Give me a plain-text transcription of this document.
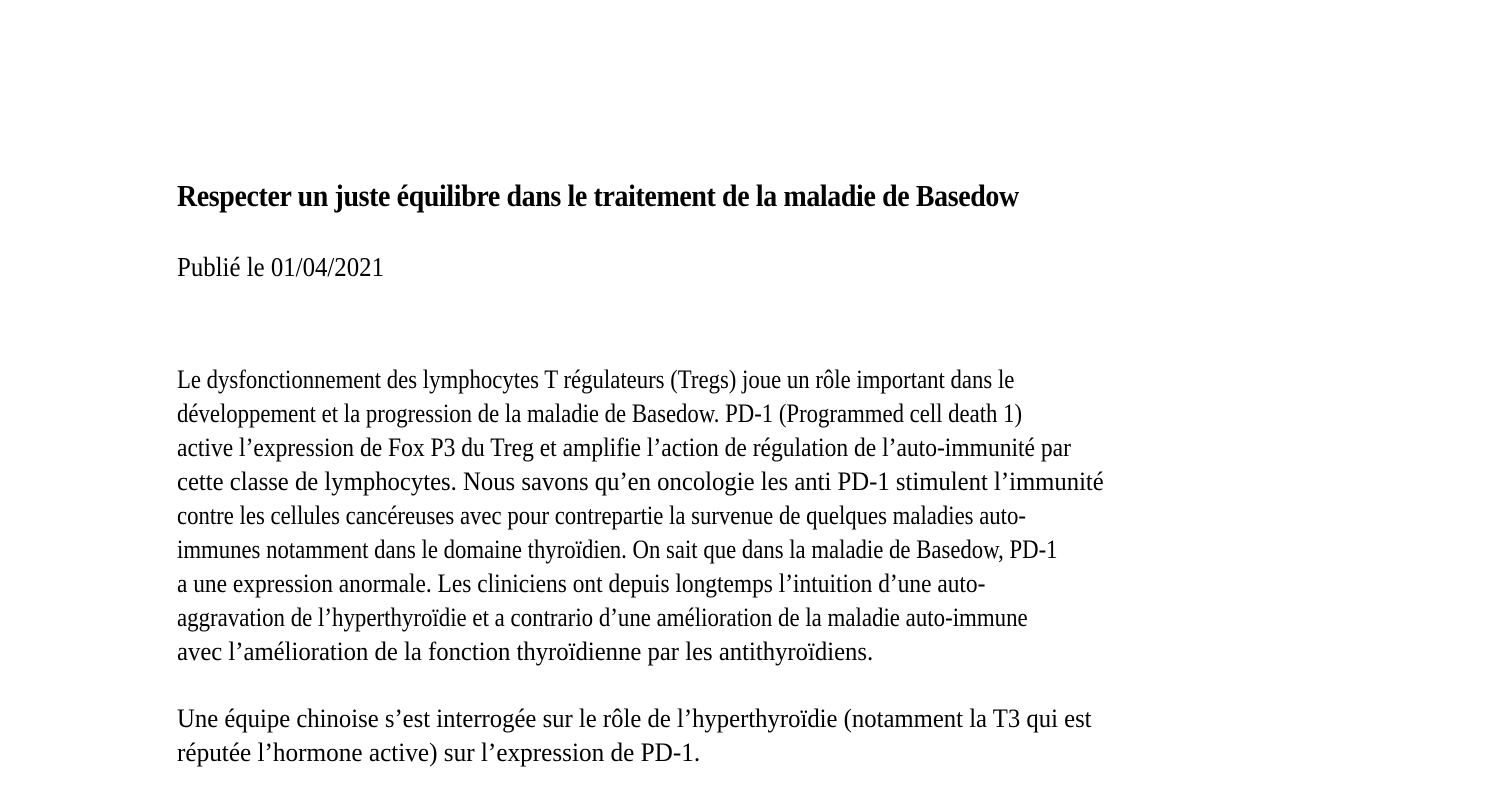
Respecter un juste équilibre dans le traitement de la maladie de Basedow

Publié le 01/04/2021

Le dysfonctionnement des lymphocytes T régulateurs (Tregs) joue un rôle important dans le
développement et la progression de la maladie de Basedow. PD-1 (Programmed cell death 1)
active l’expression de Fox P3 du Treg et amplifie l’action de régulation de l’auto-immunité par
cette classe de lymphocytes. Nous savons qu’en oncologie les anti PD-1 stimulent l’immunité
contre les cellules cancéreuses avec pour contrepartie la survenue de quelques maladies auto-
immunes notamment dans le domaine thyroïdien. On sait que dans la maladie de Basedow, PD-1
a une expression anormale. Les cliniciens ont depuis longtemps l’intuition d’une auto-
aggravation de l’hyperthyroïdie et a contrario d’une amélioration de la maladie auto-immune
avec l’amélioration de la fonction thyroïdienne par les antithyroïdiens.
Une équipe chinoise s’est interrogée sur le rôle de l’hyperthyroïdie (notamment la T3 qui est
réputée l’hormone active) sur l’expression de PD-1.
